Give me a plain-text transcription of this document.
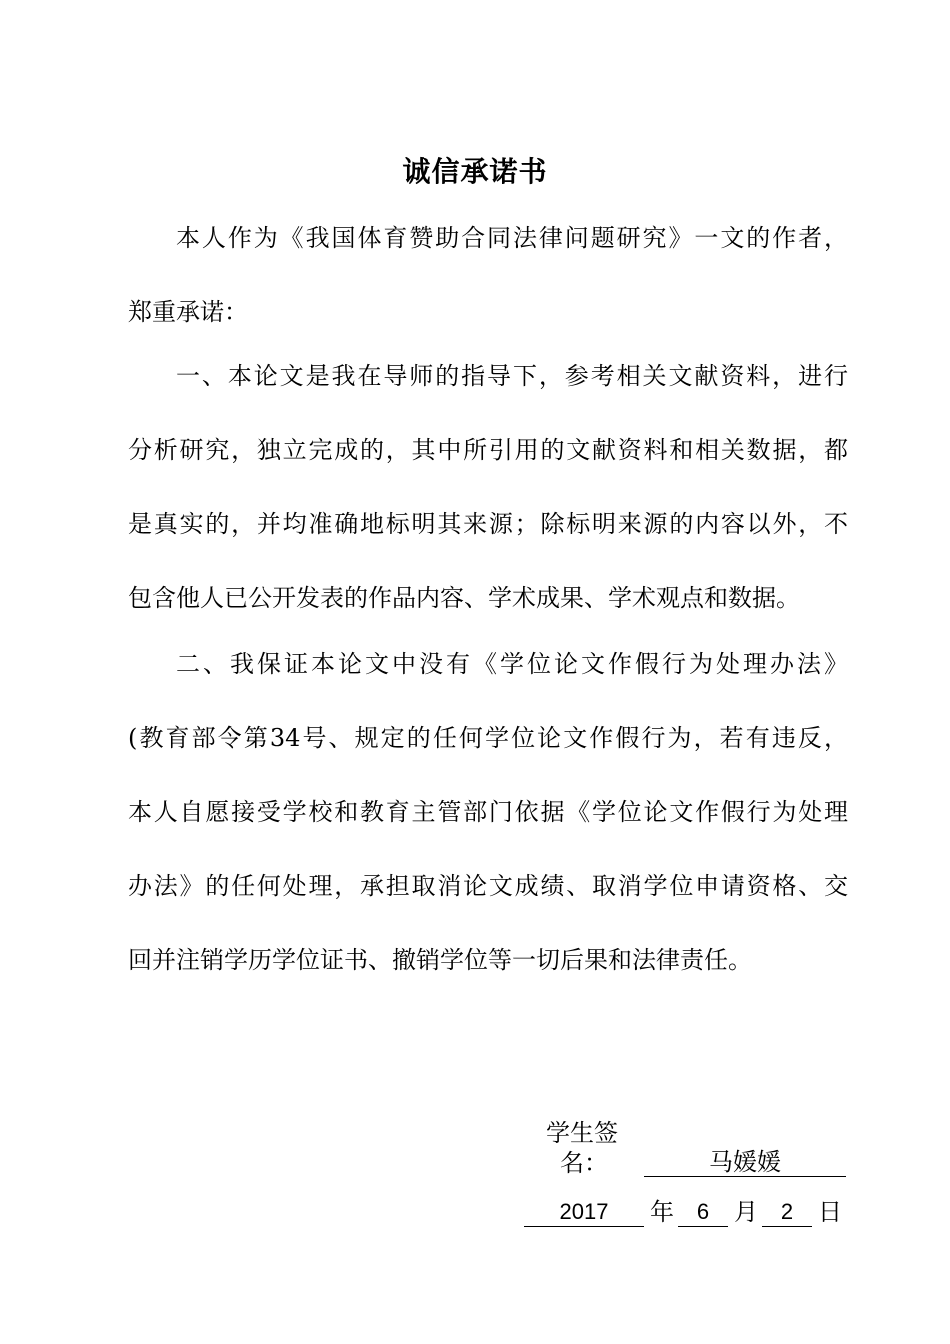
诚信承诺书
本人作为《我国体育赞助合同法律问题研究》一文的作者，
郑重承诺：
一、本论文是我在导师的指导下，参考相关文献资料，进行
分析研究，独立完成的，其中所引用的文献资料和相关数据，都
是真实的，并均准确地标明其来源；除标明来源的内容以外，不
包含他人已公开发表的作品内容、学术成果、学术观点和数据。
二、我保证本论文中没有《学位论文作假行为处理办法》
(教育部令第34号、规定的任何学位论文作假行为，若有违反，
本人自愿接受学校和教育主管部门依据《学位论文作假行为处理
办法》的任何处理，承担取消论文成绩、取消学位申请资格、交
回并注销学历学位证书、撤销学位等一切后果和法律责任。
学生签
名：	马媛媛
2017	年	6	月	2	日
